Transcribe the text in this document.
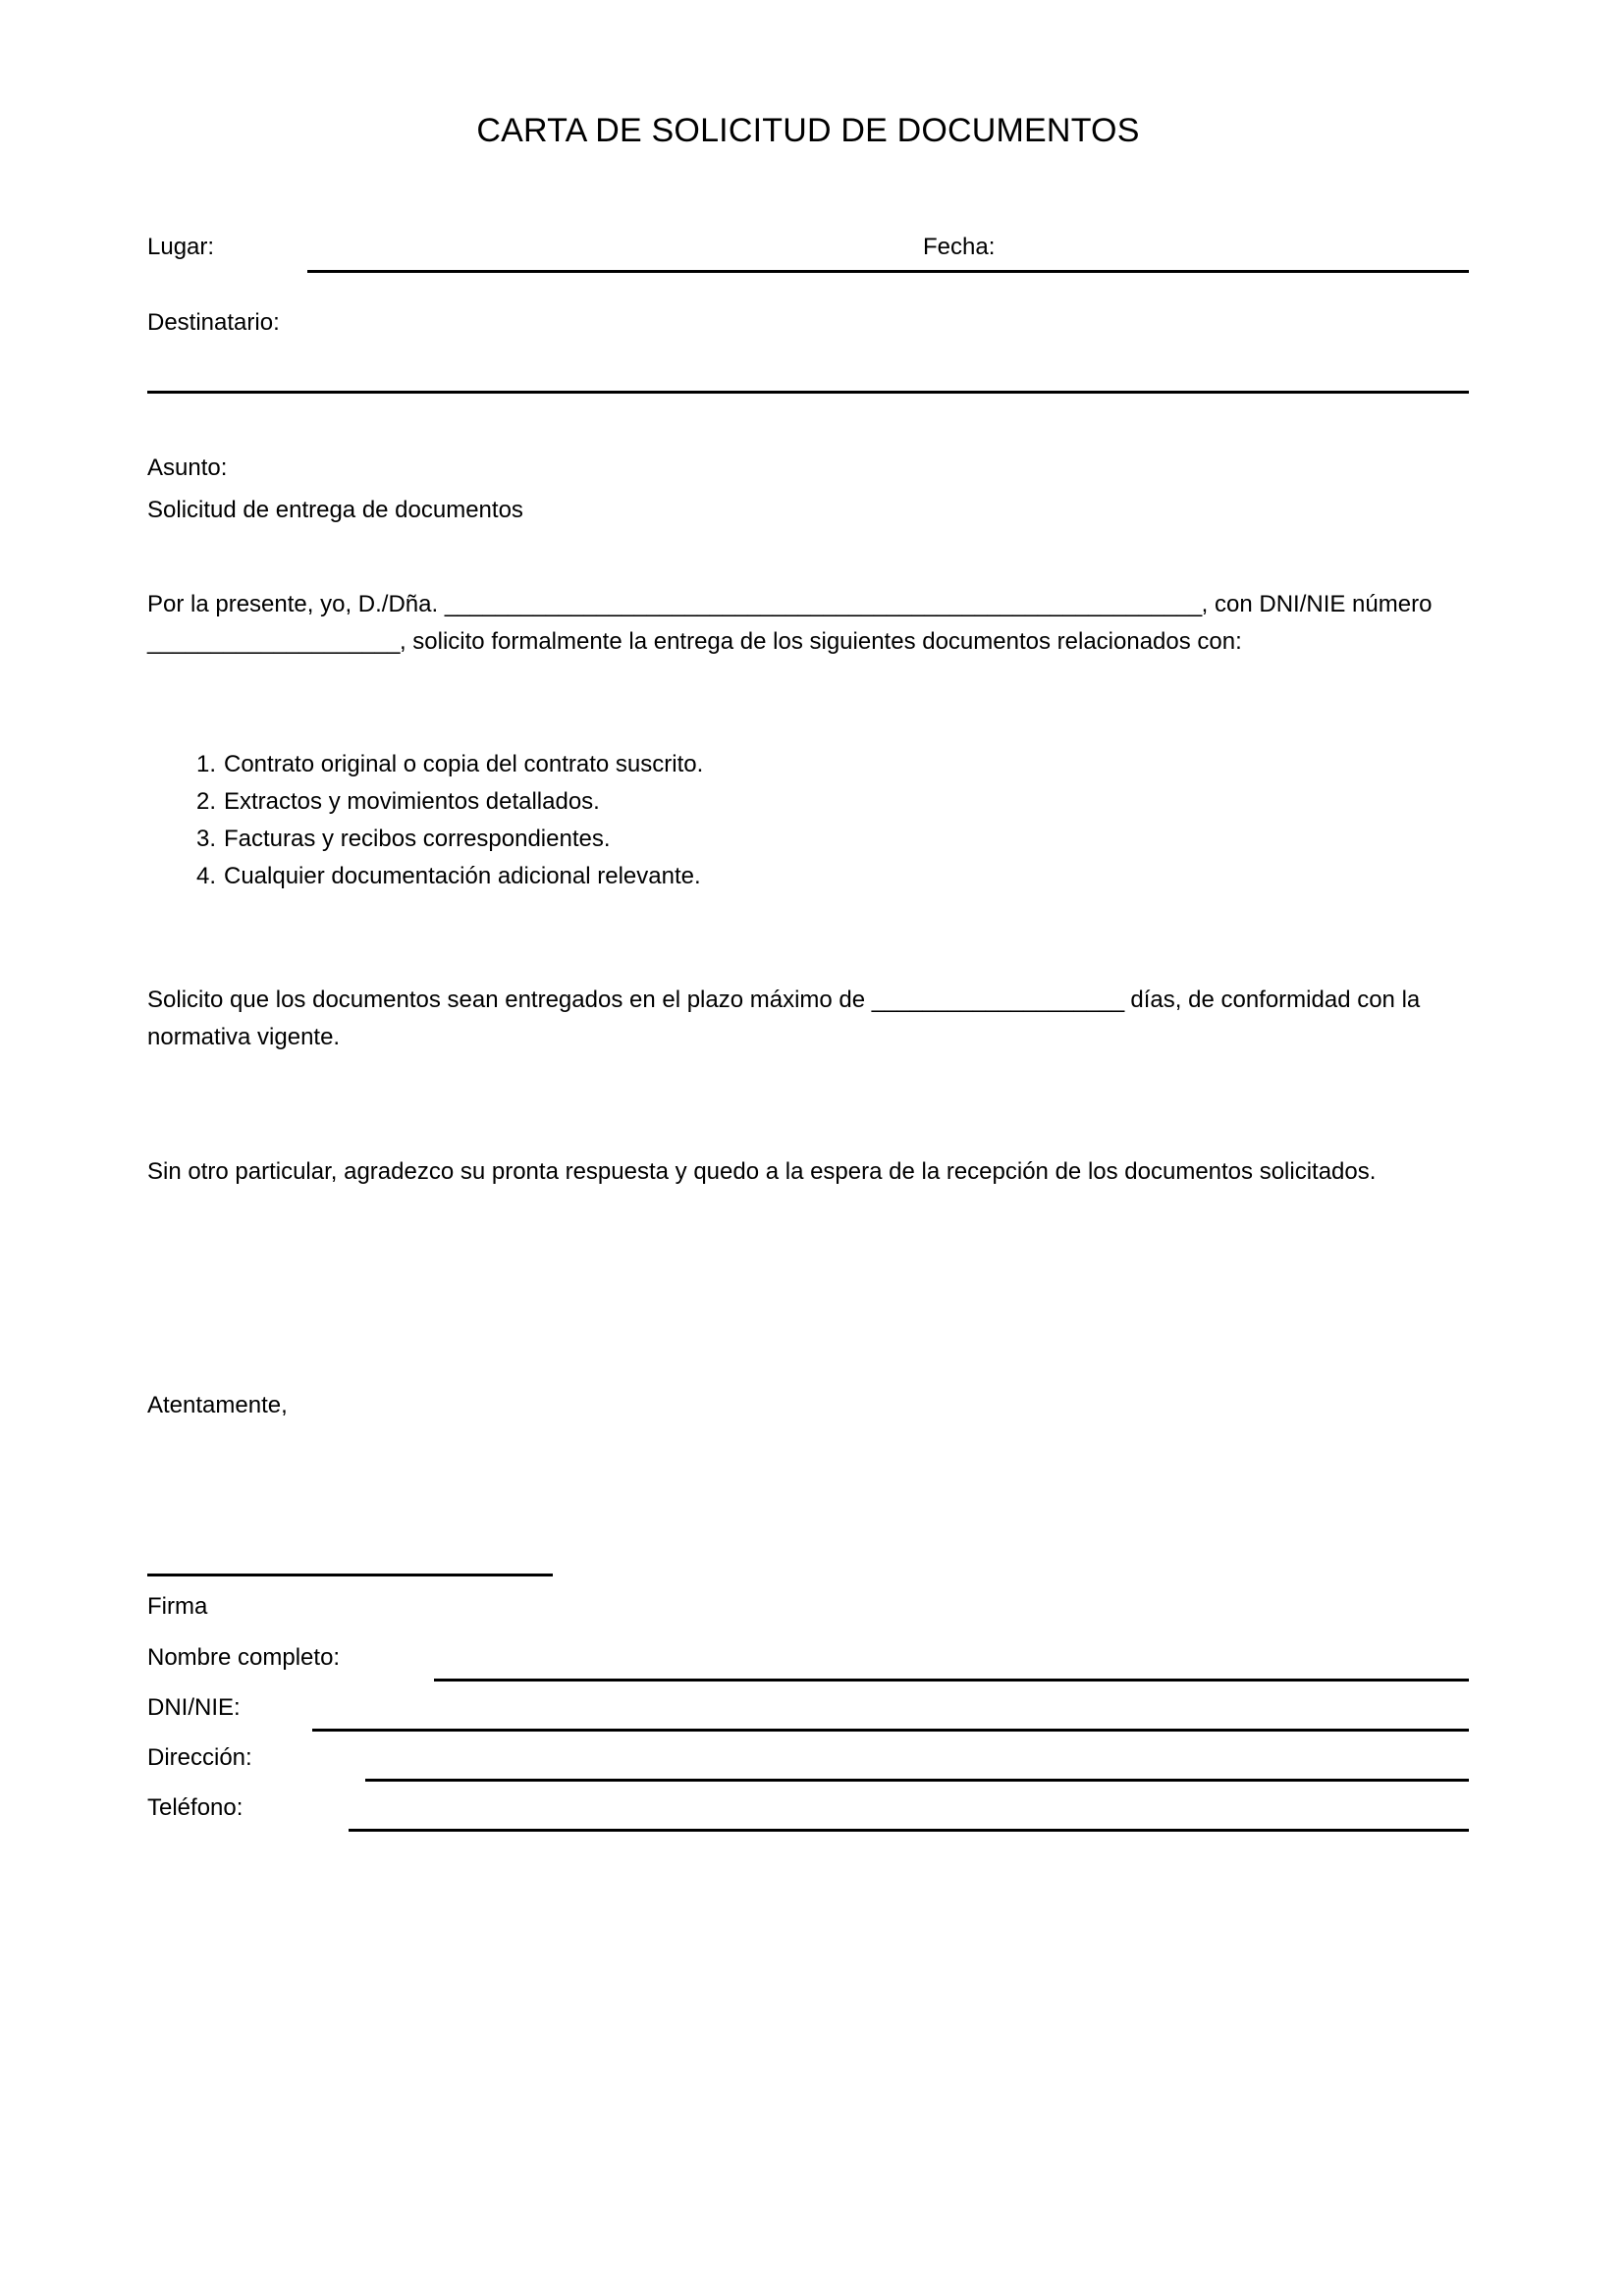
CARTA DE SOLICITUD DE DOCUMENTOS
Lugar:	Fecha:
Destinatario:
Asunto:
Solicitud de entrega de documentos
Por la presente, yo, D./Dña. ____________________________________________________________, con DNI/NIE número ____________________, solicito formalmente la entrega de los siguientes documentos relacionados con:
1. Contrato original o copia del contrato suscrito.
2. Extractos y movimientos detallados.
3. Facturas y recibos correspondientes.
4. Cualquier documentación adicional relevante.
Solicito que los documentos sean entregados en el plazo máximo de ____________________ días, de conformidad con la normativa vigente.
Sin otro particular, agradezco su pronta respuesta y quedo a la espera de la recepción de los documentos solicitados.
Atentamente,
Firma
Nombre completo:
DNI/NIE:
Dirección:
Teléfono:
